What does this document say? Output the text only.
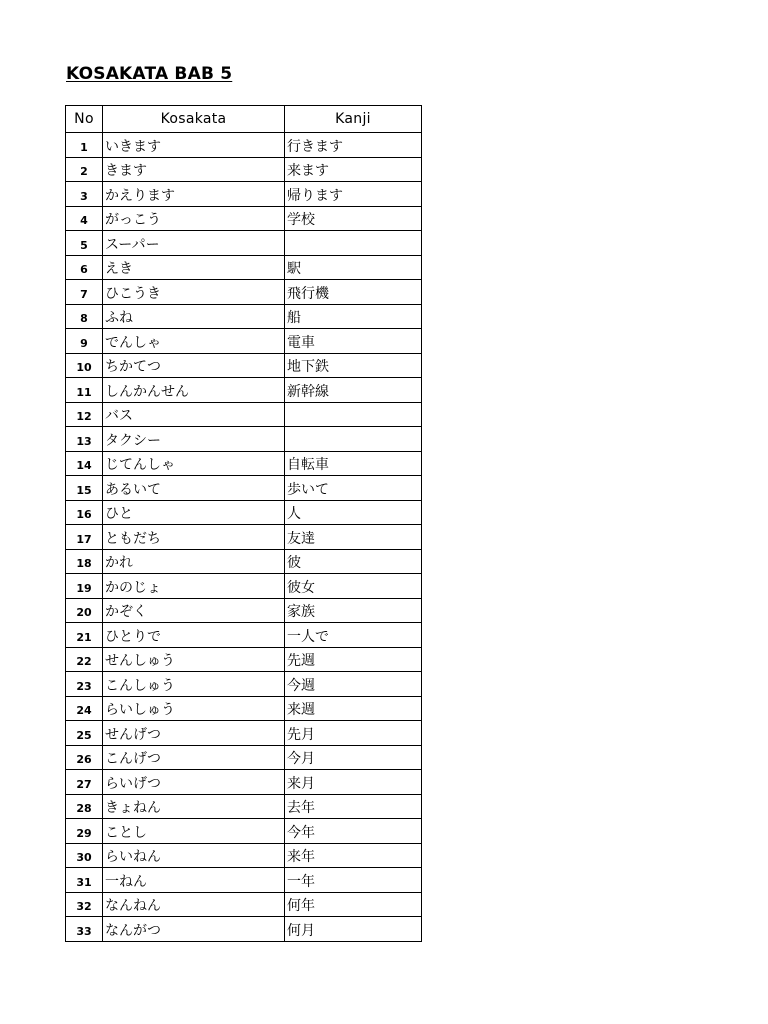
KOSAKATA BAB 5
No	Kosakata	Kanji
1	いきます	行きます
2	きます	来ます
3	かえります	帰ります
4	がっこう	学校
5	スーパー	
6	えき	駅
7	ひこうき	飛行機
8	ふね	船
9	でんしゃ	電車
10	ちかてつ	地下鉄
11	しんかんせん	新幹線
12	バス	
13	タクシー	
14	じてんしゃ	自転車
15	あるいて	歩いて
16	ひと	人
17	ともだち	友達
18	かれ	彼
19	かのじょ	彼女
20	かぞく	家族
21	ひとりで	一人で
22	せんしゅう	先週
23	こんしゅう	今週
24	らいしゅう	来週
25	せんげつ	先月
26	こんげつ	今月
27	らいげつ	来月
28	きょねん	去年
29	ことし	今年
30	らいねん	来年
31	一ねん	一年
32	なんねん	何年
33	なんがつ	何月
